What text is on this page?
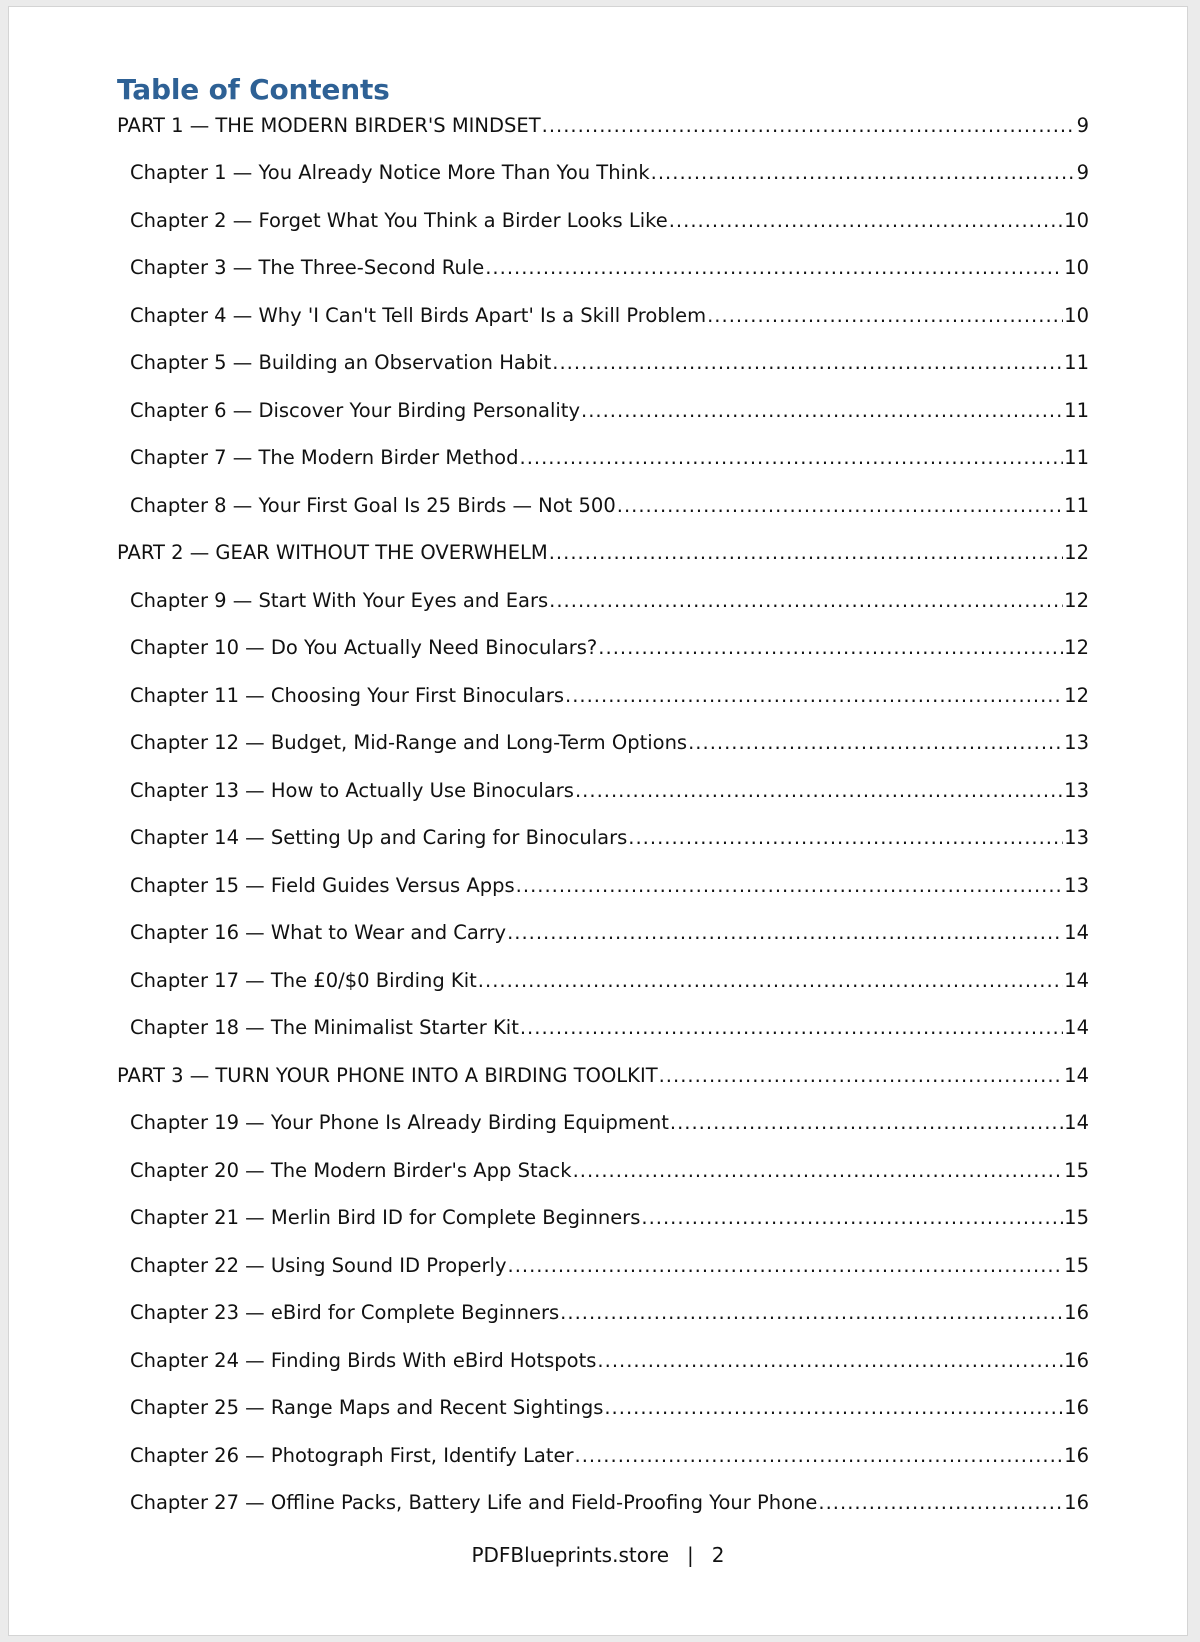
Table of Contents
PART 1 — THE MODERN BIRDER'S MINDSET .....	9
Chapter 1 — You Already Notice More Than You Think .....	9
Chapter 2 — Forget What You Think a Birder Looks Like .....	10
Chapter 3 — The Three-Second Rule .....	10
Chapter 4 — Why 'I Can't Tell Birds Apart' Is a Skill Problem .....	10
Chapter 5 — Building an Observation Habit .....	11
Chapter 6 — Discover Your Birding Personality .....	11
Chapter 7 — The Modern Birder Method .....	11
Chapter 8 — Your First Goal Is 25 Birds — Not 500 .....	11
PART 2 — GEAR WITHOUT THE OVERWHELM .....	12
Chapter 9 — Start With Your Eyes and Ears .....	12
Chapter 10 — Do You Actually Need Binoculars? .....	12
Chapter 11 — Choosing Your First Binoculars .....	12
Chapter 12 — Budget, Mid-Range and Long-Term Options .....	13
Chapter 13 — How to Actually Use Binoculars .....	13
Chapter 14 — Setting Up and Caring for Binoculars .....	13
Chapter 15 — Field Guides Versus Apps .....	13
Chapter 16 — What to Wear and Carry .....	14
Chapter 17 — The £0/$0 Birding Kit .....	14
Chapter 18 — The Minimalist Starter Kit .....	14
PART 3 — TURN YOUR PHONE INTO A BIRDING TOOLKIT .....	14
Chapter 19 — Your Phone Is Already Birding Equipment .....	14
Chapter 20 — The Modern Birder's App Stack .....	15
Chapter 21 — Merlin Bird ID for Complete Beginners .....	15
Chapter 22 — Using Sound ID Properly .....	15
Chapter 23 — eBird for Complete Beginners .....	16
Chapter 24 — Finding Birds With eBird Hotspots .....	16
Chapter 25 — Range Maps and Recent Sightings .....	16
Chapter 26 — Photograph First, Identify Later .....	16
Chapter 27 — Offline Packs, Battery Life and Field-Proofing Your Phone .....	16
PDFBlueprints.store | 2
